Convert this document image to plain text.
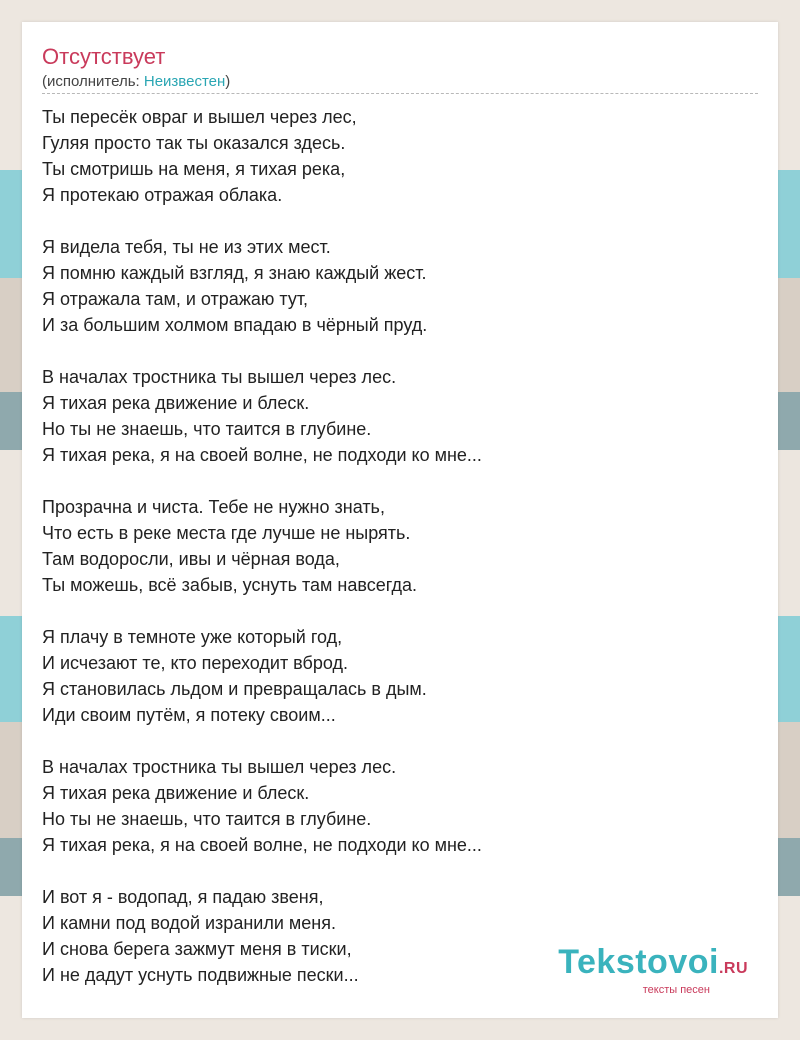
Отсутствует
(исполнитель: Неизвестен)
Ты пересёк овраг и вышел через лес,
Гуляя просто так ты оказался здесь.
Ты смотришь на меня, я тихая река,
Я протекаю отражая облака.
Я видела тебя, ты не из этих мест.
Я помню каждый взгляд, я знаю каждый жест.
Я отражала там, и отражаю тут,
И за большим холмом впадаю в чёрный пруд.
В началах тростника ты вышел через лес.
Я тихая река движение и блеск.
Но ты не знаешь, что таится в глубине.
Я тихая река, я на своей волне, не подходи ко мне...
Прозрачна и чиста. Тебе не нужно знать,
Что есть в реке места где лучше не нырять.
Там водоросли, ивы и чёрная вода,
Ты можешь, всё забыв, уснуть там навсегда.
Я плачу в темноте уже который год,
И исчезают те, кто переходит вброд.
Я становилась льдом и превращалась в дым.
Иди своим путём, я потеку своим...
В началах тростника ты вышел через лес.
Я тихая река движение и блеск.
Но ты не знаешь, что таится в глубине.
Я тихая река, я на своей волне, не подходи ко мне...
И вот я - водопад, я падаю звеня,
И камни под водой изранили меня.
И снова берега зажмут меня в тиски,
И не дадут уснуть подвижные пески...	Tekstovoi.RU
тексты песен
